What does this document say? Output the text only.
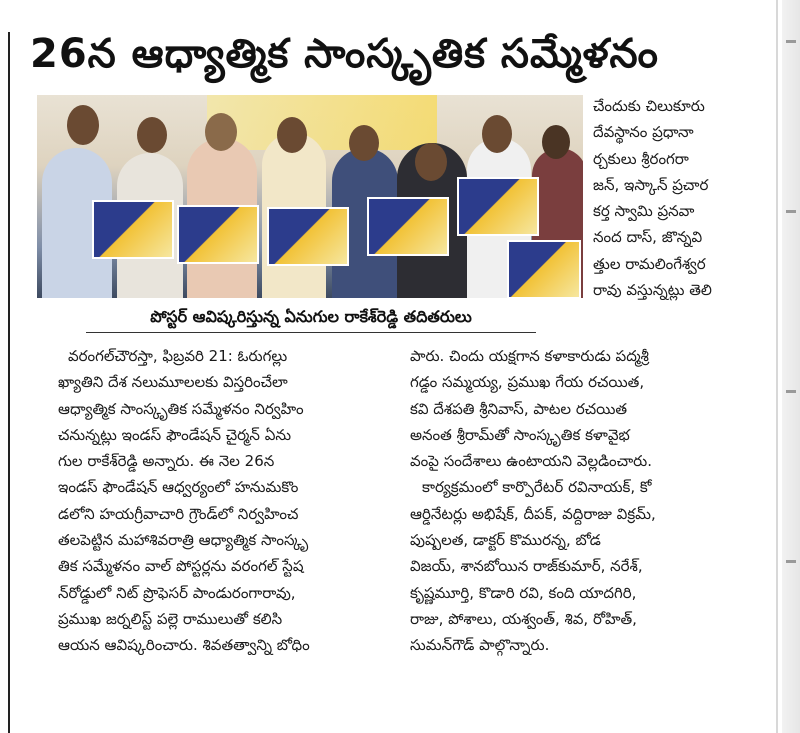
26న ఆధ్యాత్మిక సాంస్కృతిక సమ్మేళనం
పోస్టర్‌ ఆవిష్కరిస్తున్న ఏనుగుల రాకేశ్‌రెడ్డి తదితరులు
చేందుకు చిలుకూరు
దేవస్థానం ప్రధానా
ర్చకులు శ్రీరంగరా
జన్‌, ఇస్కాన్‌ ప్రచార
కర్త స్వామి ప్రనవా
నంద దాస్‌, జొన్నవి
త్తుల రామలింగేశ్వర
రావు వస్తున్నట్లు తెలి
వరంగల్‌చౌరస్తా, ఫిబ్రవరి 21: ఓరుగల్లు
ఖ్యాతిని దేశ నలుమూలలకు విస్తరించేలా
ఆధ్యాత్మిక సాంస్కృతిక సమ్మేళనం నిర్వహిం
చనున్నట్లు ఇండస్‌ ఫౌండేషన్‌ చైర్మన్‌ ఏను
గుల రాకేశ్‌రెడ్డి అన్నారు. ఈ నెల 26న
ఇండస్‌ ఫౌండేషన్‌ ఆధ్వర్యంలో హనుమకొం
డలోని హయగ్రీవాచారి గ్రౌండ్‌లో నిర్వహించ
తలపెట్టిన మహాశివరాత్రి ఆధ్యాత్మిక సాంస్కృ
తిక సమ్మేళనం వాల్‌ పోస్టర్లను వరంగల్‌ స్టేష
న్‌రోడ్డులో నిట్‌ ప్రొఫెసర్‌ పాండురంగారావు,
ప్రముఖ జర్నలిస్ట్‌ పల్లె రాములుతో కలిసి
ఆయన ఆవిష్కరించారు. శివతత్వాన్ని బోధిం
పారు. చిందు యక్షగాన కళాకారుడు పద్మశ్రీ
గడ్డం సమ్మయ్య, ప్రముఖ గేయ రచయిత,
కవి దేశపతి శ్రీనివాస్‌, పాటల రచయిత
అనంత శ్రీరామ్‌తో సాంస్కృతిక కళావైభ
వంపై సందేశాలు ఉంటాయని వెల్లడించారు.
కార్యక్రమంలో కార్పొరేటర్‌ రవినాయక్‌, కో
ఆర్డినేటర్లు అభిషేక్‌, దీపక్‌, వద్దిరాజు విక్రమ్‌,
పుష్పలత, డాక్టర్‌ కొమురన్న, బోడ
విజయ్‌, శానబోయిన రాజ్‌కుమార్‌, నరేశ్‌,
కృష్ణమూర్తి, కొడారి రవి, కంది యాదగిరి,
రాజు, పోశాలు, యశ్వంత్‌, శివ, రోహిత్‌,
సుమన్‌గౌడ్‌ పాల్గొన్నారు.
